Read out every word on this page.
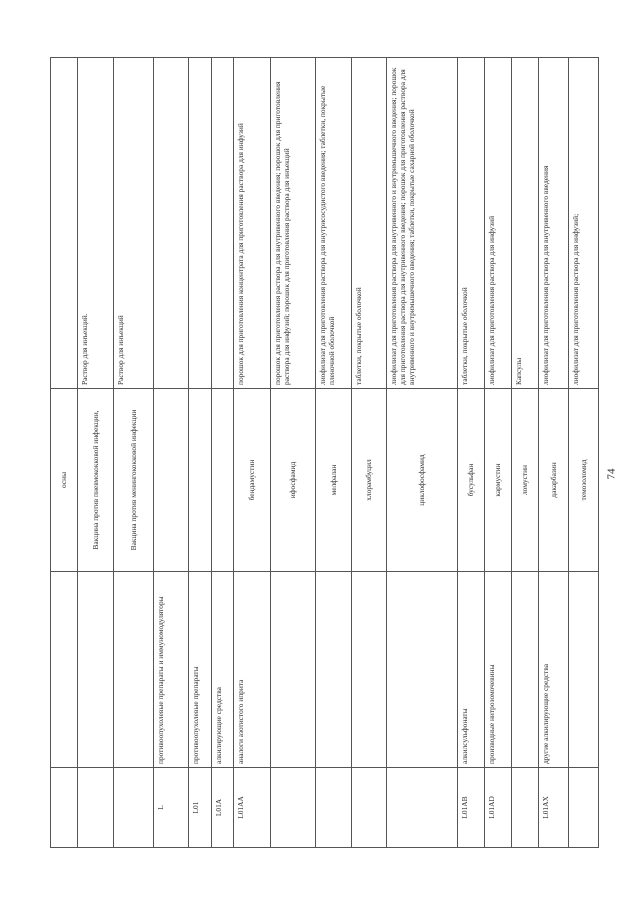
		осны	
		Вакцина против пневмококковой инфекции,	Раствор для инъекций.
		Вакцина против менингококковой инфекции	Раствор для инъекций
L	противоопухолевые препараты и иммуномодуляторы		
L01	противоопухолевые препараты		
L01A	алкилирующие средства		
L01AA	аналоги азотистого иприта	бендамустин	порошок для приготовления концентрата для приготовления раствора для инфузий
		ифосфамид	порошок для приготовления раствора для внутривенного введения; порошок для приготовления раствора для инфузий; порошок для приготовления раствора для инъекций
		мелфалан	лиофилизат для приготовления раствора для внутрисосудистого введения; таблетки, покрытые пленочной оболочкой
		хлорамбуцил	таблетки, покрытые оболочкой
		циклофосфамид	лиофилизат для приготовления раствора для внутривенного и внутримышечного введения; порошок для приготовления раствора для внутривенного введения; порошок для приготовления раствора для внутривенного и внутримышечного введения; таблетки, покрытые сахарной оболочкой
L01AB	алкилсульфонаты	бусульфан	таблетки, покрытые оболочкой
L01AD	производные нитрозомочевины	кармустин	лиофилизат для приготовления раствора для инфузий
		ломустин	Капсулы
L01AX	другие алкилирующие средства	дакарбазин	лиофилизат для приготовления раствора для внутривенного введения
		темозоломид	лиофилизат для приготовления раствора для инфузий;
74
